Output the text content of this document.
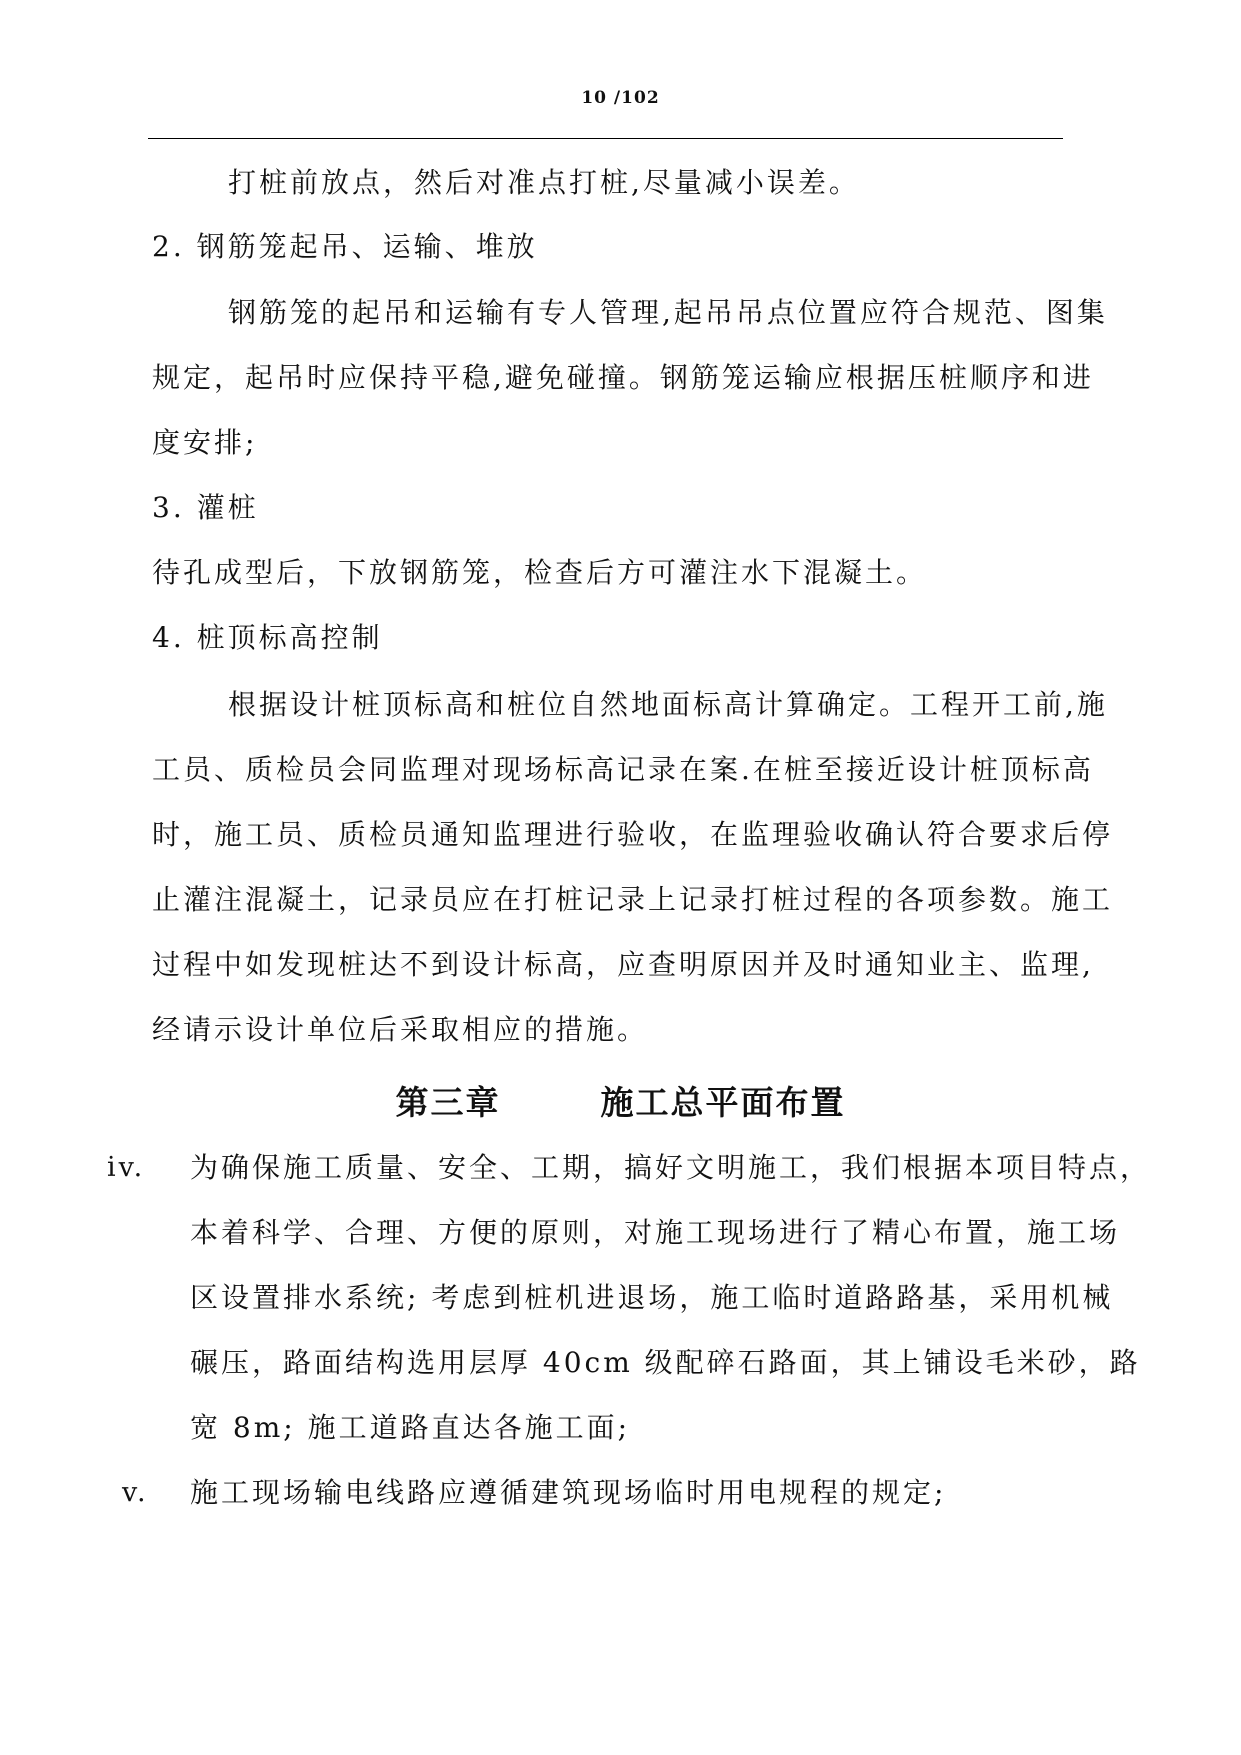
10 /102
打桩前放点，然后对准点打桩,尽量减小误差。
2. 钢筋笼起吊、运输、堆放
钢筋笼的起吊和运输有专人管理,起吊吊点位置应符合规范、图集
规定，起吊时应保持平稳,避免碰撞。钢筋笼运输应根据压桩顺序和进
度安排;
3. 灌桩
待孔成型后，下放钢筋笼，检查后方可灌注水下混凝土。
4. 桩顶标高控制
根据设计桩顶标高和桩位自然地面标高计算确定。工程开工前,施
工员、质检员会同监理对现场标高记录在案.在桩至接近设计桩顶标高
时，施工员、质检员通知监理进行验收，在监理验收确认符合要求后停
止灌注混凝土，记录员应在打桩记录上记录打桩过程的各项参数。施工
过程中如发现桩达不到设计标高，应查明原因并及时通知业主、监理,
经请示设计单位后采取相应的措施。
第三章	施工总平面布置
iv. 为确保施工质量、安全、工期，搞好文明施工，我们根据本项目特点，
本着科学、合理、方便的原则，对施工现场进行了精心布置，施工场
区设置排水系统; 考虑到桩机进退场，施工临时道路路基，采用机械
碾压，路面结构选用层厚 40cm 级配碎石路面，其上铺设毛米砂，路
宽 8m; 施工道路直达各施工面;
v. 施工现场输电线路应遵循建筑现场临时用电规程的规定;
